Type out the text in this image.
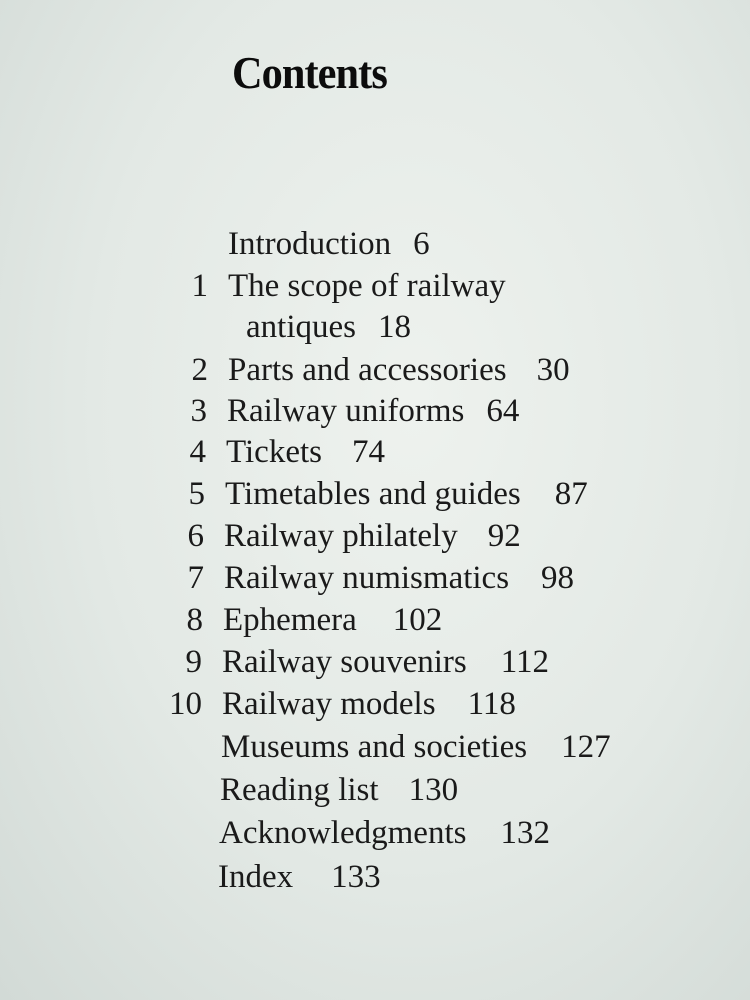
Contents
Introduction 6
1 The scope of railway
antiques 18
2 Parts and accessories 30
3 Railway uniforms 64
4 Tickets 74
5 Timetables and guides 87
6 Railway philately 92
7 Railway numismatics 98
8 Ephemera 102
9 Railway souvenirs 112
10 Railway models 118
Museums and societies 127
Reading list 130
Acknowledgments 132
Index 133
